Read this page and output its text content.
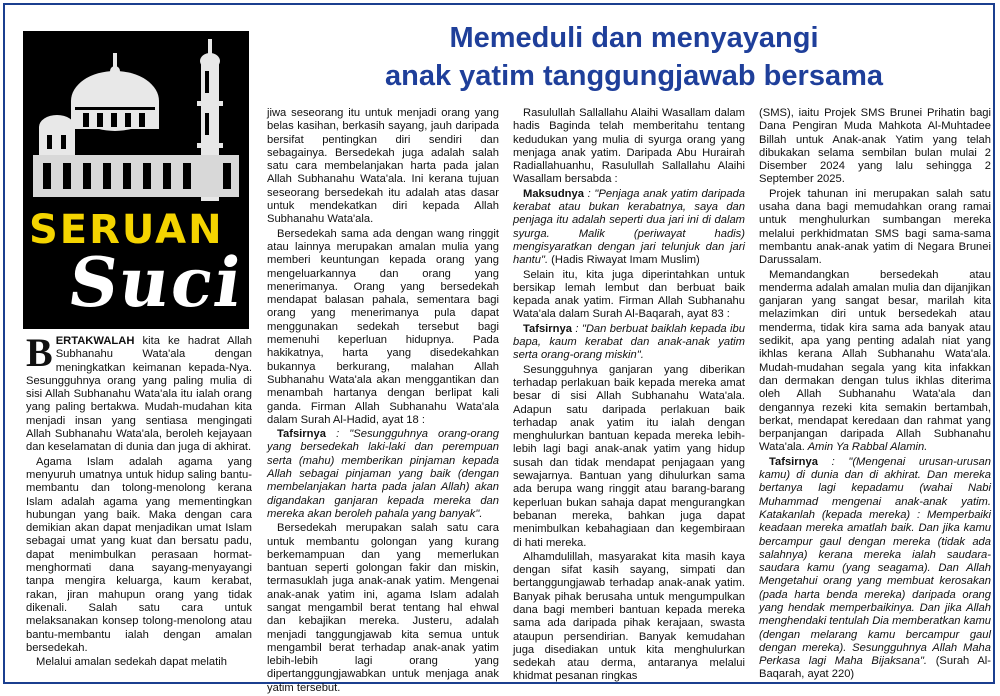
SERUAN
Suci
Memeduli dan menyayangi
anak yatim tanggungjawab bersama

BERTAKWALAH kita ke hadrat Allah Subhanahu Wata'ala dengan meningkatkan keimanan kepada-Nya. Sesungguhnya orang yang paling mulia di sisi Allah Subhanahu Wata'ala itu ialah orang yang paling bertakwa. Mudah-mudahan kita menjadi insan yang sentiasa mengingati Allah Subhanahu Wata'ala, beroleh kejayaan dan keselamatan di dunia dan juga di akhirat.

Agama Islam adalah agama yang menyuruh umatnya untuk hidup saling bantu-membantu dan tolong-menolong kerana Islam adalah agama yang mementingkan hubungan yang baik. Maka dengan cara demikian akan dapat menjadikan umat Islam sebagai umat yang kuat dan bersatu padu, dapat menimbulkan perasaan hormat-menghormati dana sayang-menyayangi tanpa mengira keluarga, kaum kerabat, rakan, jiran mahupun orang yang tidak dikenali. Salah satu cara untuk melaksanakan konsep tolong-menolong atau bantu-membantu ialah dengan amalan bersedekah.

Melalui amalan sedekah dapat melatih

jiwa seseorang itu untuk menjadi orang yang belas kasihan, berkasih sayang, jauh daripada bersifat pentingkan diri sendiri dan sebagainya. Bersedekah juga adalah salah satu cara membelanjakan harta pada jalan Allah Subhanahu Wata'ala. Ini kerana tujuan seseorang bersedekah itu adalah atas dasar untuk mendekatkan diri kepada Allah Subhanahu Wata'ala.

Bersedekah sama ada dengan wang ringgit atau lainnya merupakan amalan mulia yang memberi keuntungan kepada orang yang mengeluarkannya dan orang yang menerimanya. Orang yang bersedekah mendapat balasan pahala, sementara bagi orang yang menerimanya pula dapat menggunakan sedekah tersebut bagi memenuhi keperluan hidupnya. Pada hakikatnya, harta yang disedekahkan bukannya berkurang, malahan Allah Subhanahu Wata'ala akan menggantikan dan menambah hartanya dengan berlipat kali ganda. Firman Allah Subhanahu Wata'ala dalam Surah Al-Hadid, ayat 18 :

Tafsirnya : "Sesungguhnya orang-orang yang bersedekah laki-laki dan perempuan serta (mahu) memberikan pinjaman kepada Allah sebagai pinjaman yang baik (dengan membelanjakan harta pada jalan Allah) akan digandakan ganjaran kepada mereka dan mereka akan beroleh pahala yang banyak".

Bersedekah merupakan salah satu cara untuk membantu golongan yang kurang berkemampuan dan yang memerlukan bantuan seperti golongan fakir dan miskin, termasuklah juga anak-anak yatim. Mengenai anak-anak yatim ini, agama Islam adalah sangat mengambil berat tentang hal ehwal dan kebajikan mereka. Justeru, adalah menjadi tanggungjawab kita semua untuk mengambil berat terhadap anak-anak yatim lebih-lebih lagi orang yang dipertanggungjawabkan untuk menjaga anak yatim tersebut.

Rasulullah Sallallahu Alaihi Wasallam dalam hadis Baginda telah memberitahu tentang kedudukan yang mulia di syurga orang yang menjaga anak yatim. Daripada Abu Hurairah Radiallahuanhu, Rasulullah Sallallahu Alaihi Wasallam bersabda :

Maksudnya : "Penjaga anak yatim daripada kerabat atau bukan kerabatnya, saya dan penjaga itu adalah seperti dua jari ini di dalam syurga. Malik (periwayat hadis) mengisyaratkan dengan jari telunjuk dan jari hantu". (Hadis Riwayat Imam Muslim)

Selain itu, kita juga diperintahkan untuk bersikap lemah lembut dan berbuat baik kepada anak yatim. Firman Allah Subhanahu Wata'ala dalam Surah Al-Baqarah, ayat 83 :

Tafsirnya : "Dan berbuat baiklah kepada ibu bapa, kaum kerabat dan anak-anak yatim serta orang-orang miskin".

Sesungguhnya ganjaran yang diberikan terhadap perlakuan baik kepada mereka amat besar di sisi Allah Subhanahu Wata'ala. Adapun satu daripada perlakuan baik terhadap anak yatim itu ialah dengan menghulurkan bantuan kepada mereka lebih-lebih lagi bagi anak-anak yatim yang hidup susah dan tidak mendapat penjagaan yang sewajarnya. Bantuan yang dihulurkan sama ada berupa wang ringgit atau barang-barang keperluan bukan sahaja dapat mengurangkan bebanan mereka, bahkan juga dapat menimbulkan kebahagiaan dan kegembiraan di hati mereka.

Alhamdulillah, masyarakat kita masih kaya dengan sifat kasih sayang, simpati dan bertanggungjawab terhadap anak-anak yatim. Banyak pihak berusaha untuk mengumpulkan dana bagi memberi bantuan kepada mereka sama ada daripada pihak kerajaan, swasta ataupun persendirian. Banyak kemudahan juga disediakan untuk kita menghulurkan sedekah atau derma, antaranya melalui khidmat pesanan ringkas

(SMS), iaitu Projek SMS Brunei Prihatin bagi Dana Pengiran Muda Mahkota Al-Muhtadee Billah untuk Anak-anak Yatim yang telah dibukakan selama sembilan bulan mulai 2 Disember 2024 yang lalu sehingga 2 September 2025.

Projek tahunan ini merupakan salah satu usaha dana bagi memudahkan orang ramai untuk menghulurkan sumbangan mereka melalui perkhidmatan SMS bagi sama-sama membantu anak-anak yatim di Negara Brunei Darussalam.

Memandangkan bersedekah atau menderma adalah amalan mulia dan dijanjikan ganjaran yang sangat besar, marilah kita melazimkan diri untuk bersedekah atau menderma, tidak kira sama ada banyak atau sedikit, apa yang penting adalah niat yang ikhlas kerana Allah Subhanahu Wata'ala. Mudah-mudahan segala yang kita infakkan dan dermakan dengan tulus ikhlas diterima oleh Allah Subhanahu Wata'ala dan dengannya rezeki kita semakin bertambah, berkat, mendapat keredaan dan rahmat yang berpanjangan daripada Allah Subhanahu Wata'ala. Amin Ya Rabbal Alamin.

Tafsirnya : "(Mengenai urusan-urusan kamu) di dunia dan di akhirat. Dan mereka bertanya lagi kepadamu (wahai Nabi Muhammad mengenai anak-anak yatim. Katakanlah (kepada mereka) : Memperbaiki keadaan mereka amatlah baik. Dan jika kamu bercampur gaul dengan mereka (tidak ada salahnya) kerana mereka ialah saudara-saudara kamu (yang seagama). Dan Allah Mengetahui orang yang membuat kerosakan (pada harta benda mereka) daripada orang yang hendak memperbaikinya. Dan jika Allah menghendaki tentulah Dia memberatkan kamu (dengan melarang kamu bercampur gaul dengan mereka). Sesungguhnya Allah Maha Perkasa lagi Maha Bijaksana". (Surah Al-Baqarah, ayat 220)
